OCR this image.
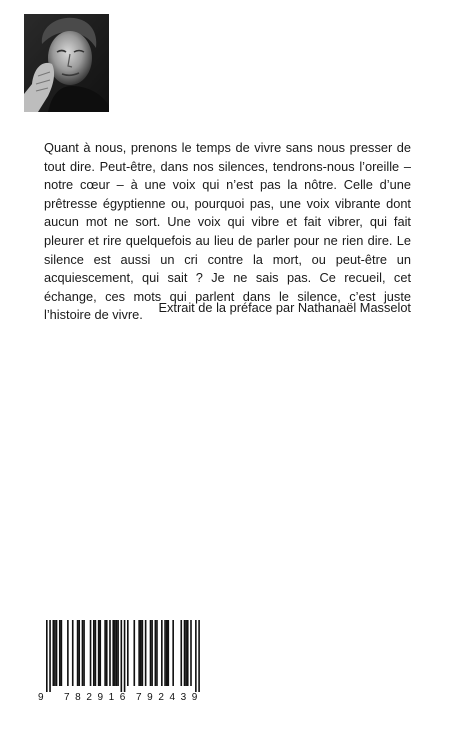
Quant à nous, prenons le temps de vivre sans nous presser de tout dire. Peut-être, dans nos silences, tendrons-nous l’oreille – notre cœur – à une voix qui n’est pas la nôtre. Celle d’une prêtresse égyptienne ou, pourquoi pas, une voix vibrante dont aucun mot ne sort. Une voix qui vibre et fait vibrer, qui fait pleurer et rire quelquefois au lieu de parler pour ne rien dire. Le silence est aussi un cri contre la mort, ou peut-être un acquiescement, qui sait ? Je ne sais pas. Ce recueil, cet échange, ces mots qui parlent dans le silence, c’est juste l’histoire de vivre.	Extrait de la préface par Nathanaël Masselot

9 782916 792439
